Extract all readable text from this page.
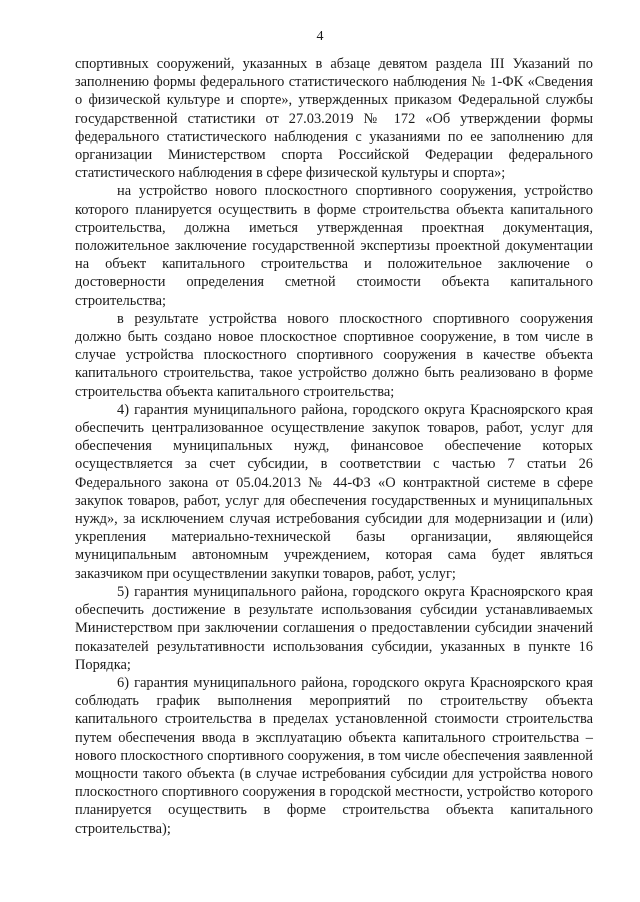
4

спортивных сооружений, указанных в абзаце девятом раздела III Указаний по заполнению формы федерального статистического наблюдения № 1-ФК «Сведения о физической культуре и спорте», утвержденных приказом Федеральной службы государственной статистики от 27.03.2019 № 172 «Об утверждении формы федерального статистического наблюдения с указаниями по ее заполнению для организации Министерством спорта Российской Федерации федерального статистического наблюдения в сфере физической культуры и спорта»;

на устройство нового плоскостного спортивного сооружения, устройство которого планируется осуществить в форме строительства объекта капитального строительства, должна иметься утвержденная проектная документация, положительное заключение государственной экспертизы проектной документации на объект капитального строительства и положительное заключение о достоверности определения сметной стоимости объекта капитального строительства;

в результате устройства нового плоскостного спортивного сооружения должно быть создано новое плоскостное спортивное сооружение, в том числе в случае устройства плоскостного спортивного сооружения в качестве объекта капитального строительства, такое устройство должно быть реализовано в форме строительства объекта капитального строительства;

4) гарантия муниципального района, городского округа Красноярского края обеспечить централизованное осуществление закупок товаров, работ, услуг для обеспечения муниципальных нужд, финансовое обеспечение которых осуществляется за счет субсидии, в соответствии с частью 7 статьи 26 Федерального закона от 05.04.2013 № 44-ФЗ «О контрактной системе в сфере закупок товаров, работ, услуг для обеспечения государственных и муниципальных нужд», за исключением случая истребования субсидии для модернизации и (или) укрепления материально-технической базы организации, являющейся муниципальным автономным учреждением, которая сама будет являться заказчиком при осуществлении закупки товаров, работ, услуг;

5) гарантия муниципального района, городского округа Красноярского края обеспечить достижение в результате использования субсидии устанавливаемых Министерством при заключении соглашения о предоставлении субсидии значений показателей результативности использования субсидии, указанных в пункте 16 Порядка;

6) гарантия муниципального района, городского округа Красноярского края соблюдать график выполнения мероприятий по строительству объекта капитального строительства в пределах установленной стоимости строительства путем обеспечения ввода в эксплуатацию объекта капитального строительства – нового плоскостного спортивного сооружения, в том числе обеспечения заявленной мощности такого объекта (в случае истребования субсидии для устройства нового плоскостного спортивного сооружения в городской местности, устройство которого планируется осуществить в форме строительства объекта капитального строительства);
